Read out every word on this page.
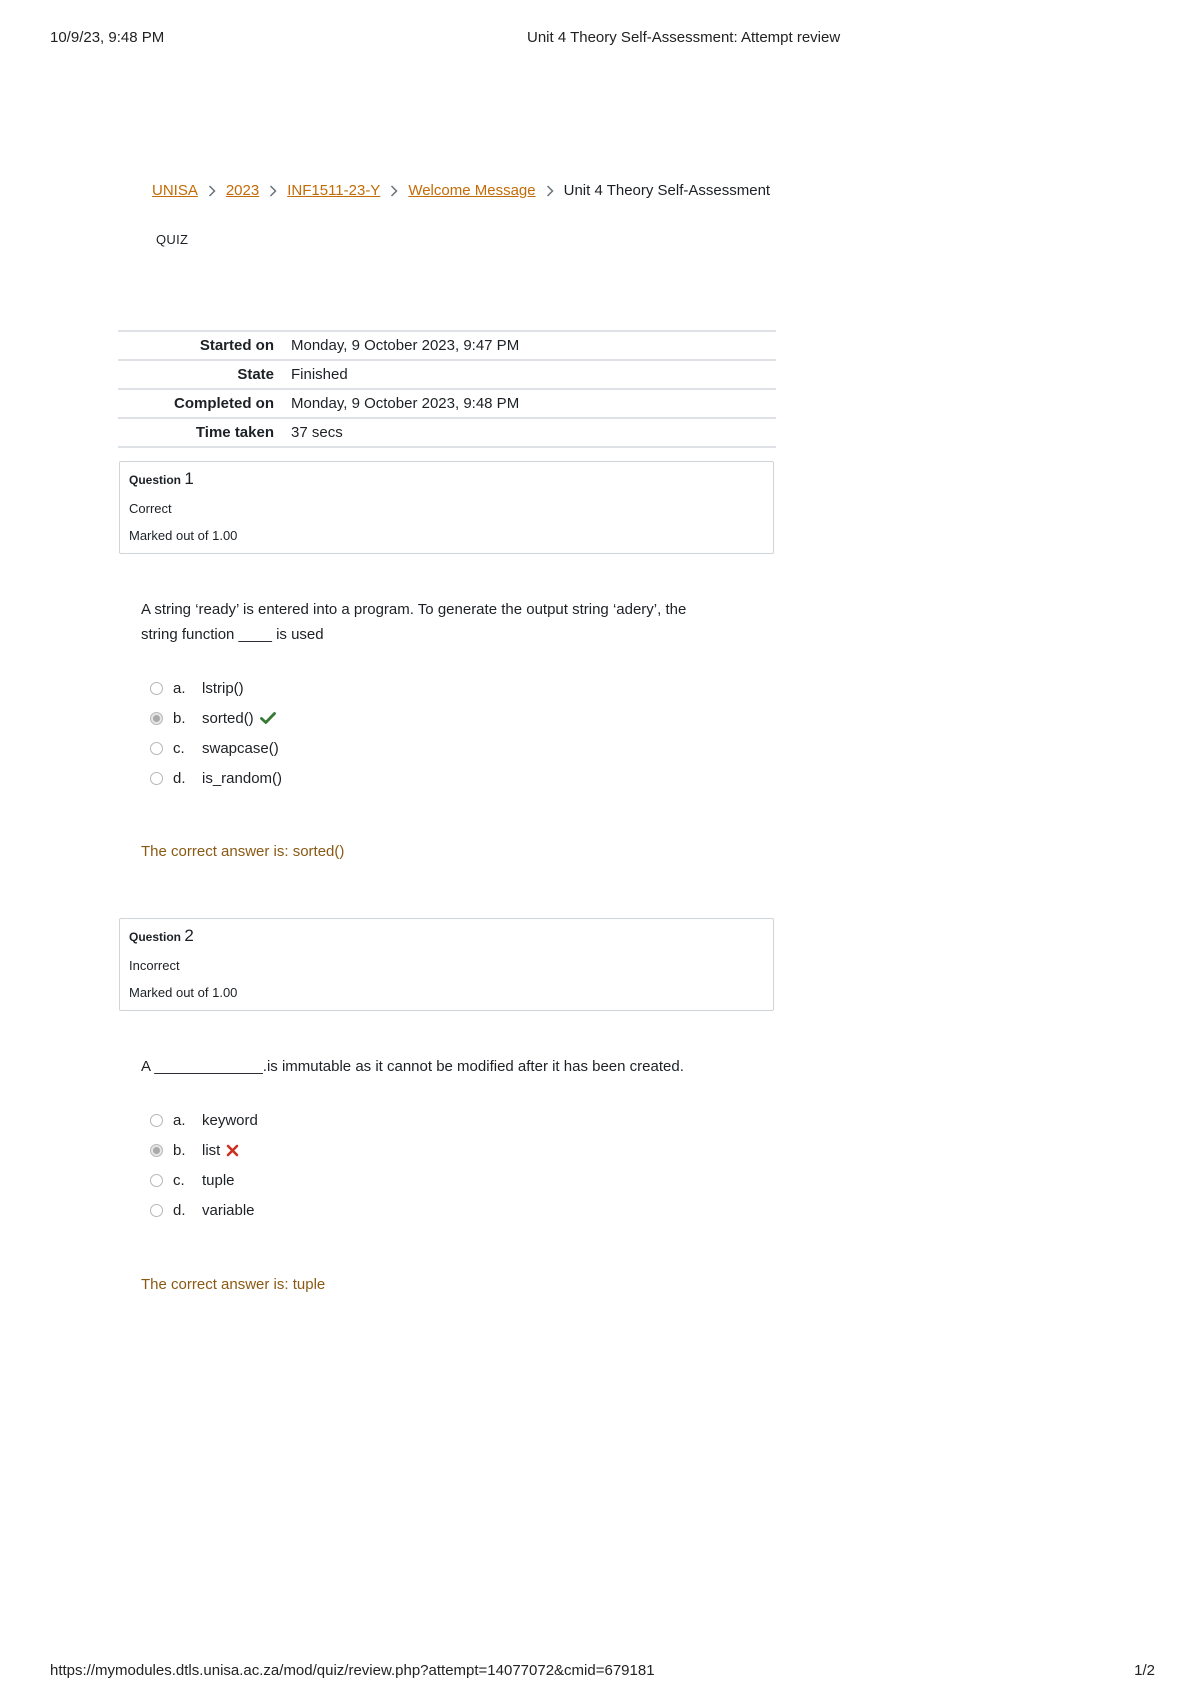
10/9/23, 9:48 PM	Unit 4 Theory Self-Assessment: Attempt review
UNISA 2023 INF1511-23-Y Welcome Message Unit 4 Theory Self-Assessment
QUIZ
Started on	Monday, 9 October 2023, 9:47 PM
State	Finished
Completed on	Monday, 9 October 2023, 9:48 PM
Time taken	37 secs
Question 1
Correct
Marked out of 1.00
A string ‘ready’ is entered into a program. To generate the output string ‘adery’, the
string function ____ is used
a.	lstrip()
b.	sorted()
c.	swapcase()
d.	is_random()
The correct answer is: sorted()
Question 2
Incorrect
Marked out of 1.00
A _____________.is immutable as it cannot be modified after it has been created.
a.	keyword
b.	list
c.	tuple
d.	variable
The correct answer is: tuple
https://mymodules.dtls.unisa.ac.za/mod/quiz/review.php?attempt=14077072&cmid=679181	1/2
